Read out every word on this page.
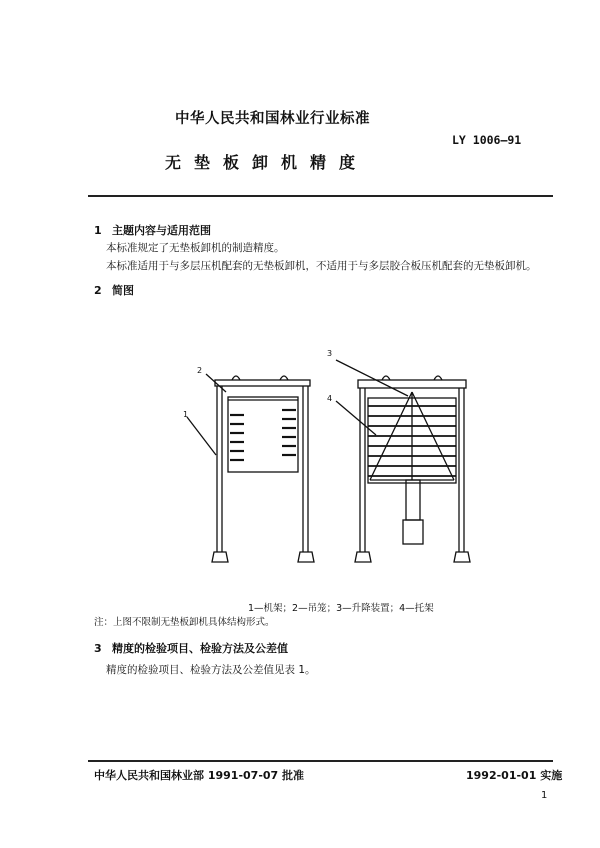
中华人民共和国林业行业标准
LY 1006—91
无垫板卸机精度
1 主题内容与适用范围
本标准规定了无垫板卸机的制造精度。
本标准适用于与多层压机配套的无垫板卸机，不适用于与多层胶合板压机配套的无垫板卸机。
2 简图
1
2
3
4
1—机架；2—吊笼；3—升降装置；4—托架
注：上图不限制无垫板卸机具体结构形式。
3 精度的检验项目、检验方法及公差值
精度的检验项目、检验方法及公差值见表 1。
中华人民共和国林业部 1991-07-07 批准	1992-01-01 实施
1
